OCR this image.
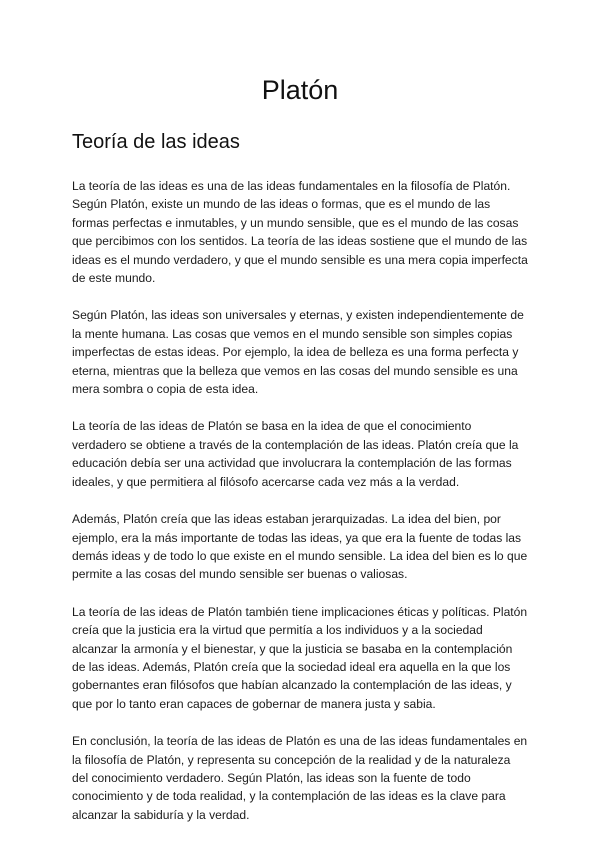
Platón
Teoría de las ideas

La teoría de las ideas es una de las ideas fundamentales en la filosofía de Platón. Según Platón, existe un mundo de las ideas o formas, que es el mundo de las formas perfectas e inmutables, y un mundo sensible, que es el mundo de las cosas que percibimos con los sentidos. La teoría de las ideas sostiene que el mundo de las ideas es el mundo verdadero, y que el mundo sensible es una mera copia imperfecta de este mundo.

Según Platón, las ideas son universales y eternas, y existen independientemente de la mente humana. Las cosas que vemos en el mundo sensible son simples copias imperfectas de estas ideas. Por ejemplo, la idea de belleza es una forma perfecta y eterna, mientras que la belleza que vemos en las cosas del mundo sensible es una mera sombra o copia de esta idea.

La teoría de las ideas de Platón se basa en la idea de que el conocimiento verdadero se obtiene a través de la contemplación de las ideas. Platón creía que la educación debía ser una actividad que involucrara la contemplación de las formas ideales, y que permitiera al filósofo acercarse cada vez más a la verdad.

Además, Platón creía que las ideas estaban jerarquizadas. La idea del bien, por ejemplo, era la más importante de todas las ideas, ya que era la fuente de todas las demás ideas y de todo lo que existe en el mundo sensible. La idea del bien es lo que permite a las cosas del mundo sensible ser buenas o valiosas.

La teoría de las ideas de Platón también tiene implicaciones éticas y políticas. Platón creía que la justicia era la virtud que permitía a los individuos y a la sociedad alcanzar la armonía y el bienestar, y que la justicia se basaba en la contemplación de las ideas. Además, Platón creía que la sociedad ideal era aquella en la que los gobernantes eran filósofos que habían alcanzado la contemplación de las ideas, y que por lo tanto eran capaces de gobernar de manera justa y sabia.

En conclusión, la teoría de las ideas de Platón es una de las ideas fundamentales en la filosofía de Platón, y representa su concepción de la realidad y de la naturaleza del conocimiento verdadero. Según Platón, las ideas son la fuente de todo conocimiento y de toda realidad, y la contemplación de las ideas es la clave para alcanzar la sabiduría y la verdad.
